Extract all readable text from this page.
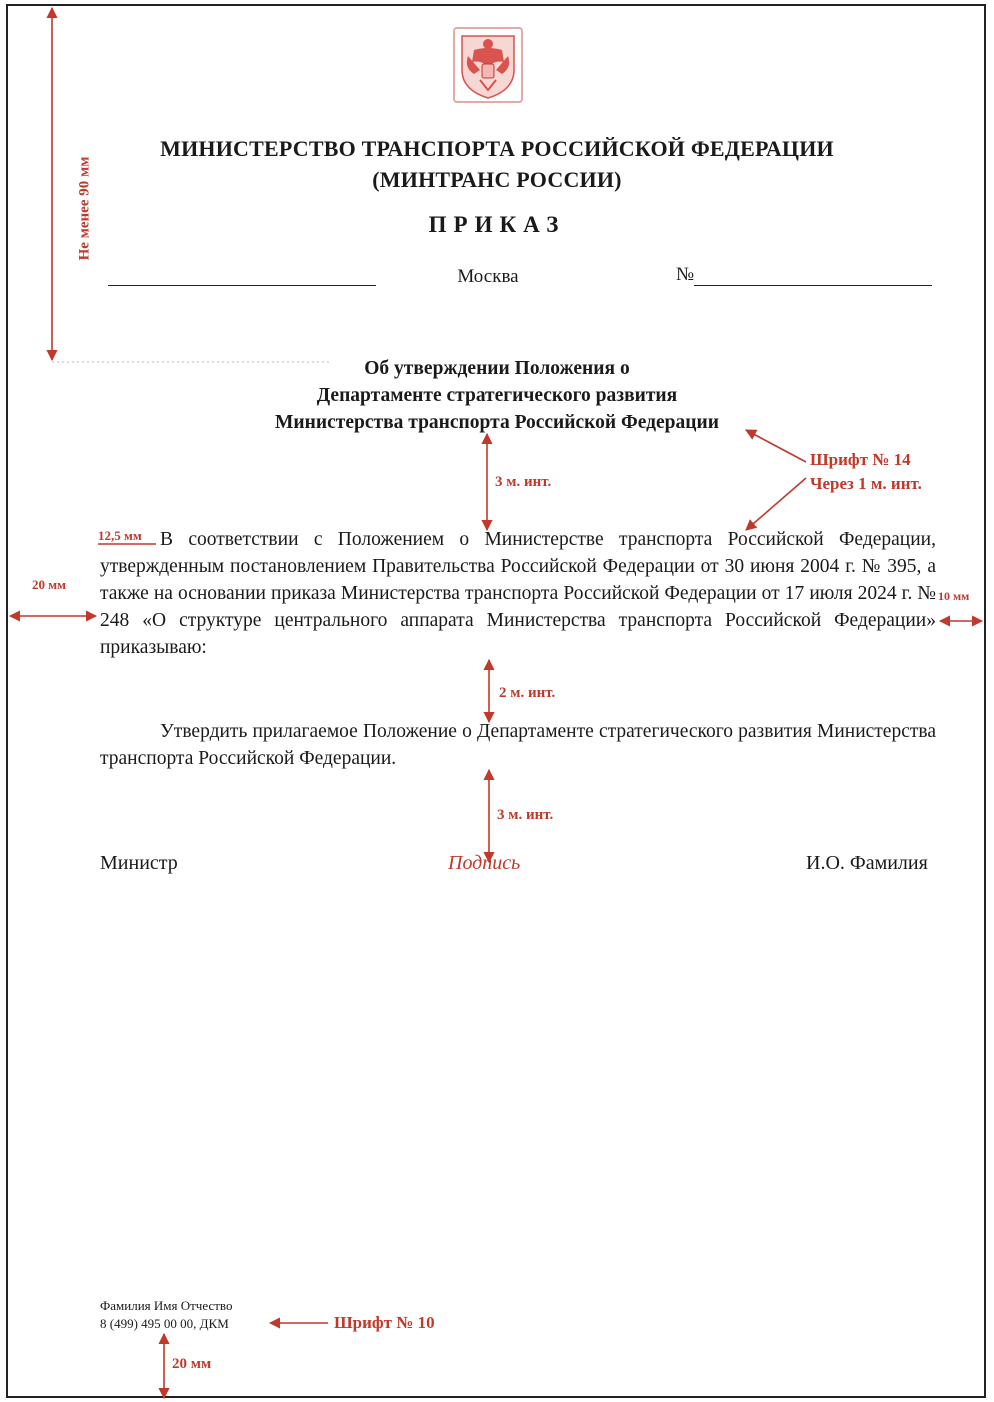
МИНИСТЕРСТВО ТРАНСПОРТА РОССИЙСКОЙ ФЕДЕРАЦИИ
(МИНТРАНС РОССИИ)
ПРИКАЗ
Москва	№
Об утверждении Положения о
Департаменте стратегического развития
Министерства транспорта Российской Федерации

В соответствии с Положением о Министерстве транспорта Российской Федерации, утвержденным постановлением Правительства Российской Федерации от 30 июня 2004 г. № 395, а также на основании приказа Министерства транспорта Российской Федерации от 17 июля 2024 г. № 248 «О структуре центрального аппарата Министерства транспорта Российской Федерации» приказываю:

Утвердить прилагаемое Положение о Департаменте стратегического развития Министерства транспорта Российской Федерации.

Министр	Подпись	И.О. Фамилия
Фамилия Имя Отчество
8 (499) 495 00 00, ДКМ
Не менее 90 мм
20 мм
10 мм
12,5 мм
3 м. инт.
2 м. инт.
3 м. инт.
Шрифт № 14
Через 1 м. инт.
Шрифт № 10
20 мм
